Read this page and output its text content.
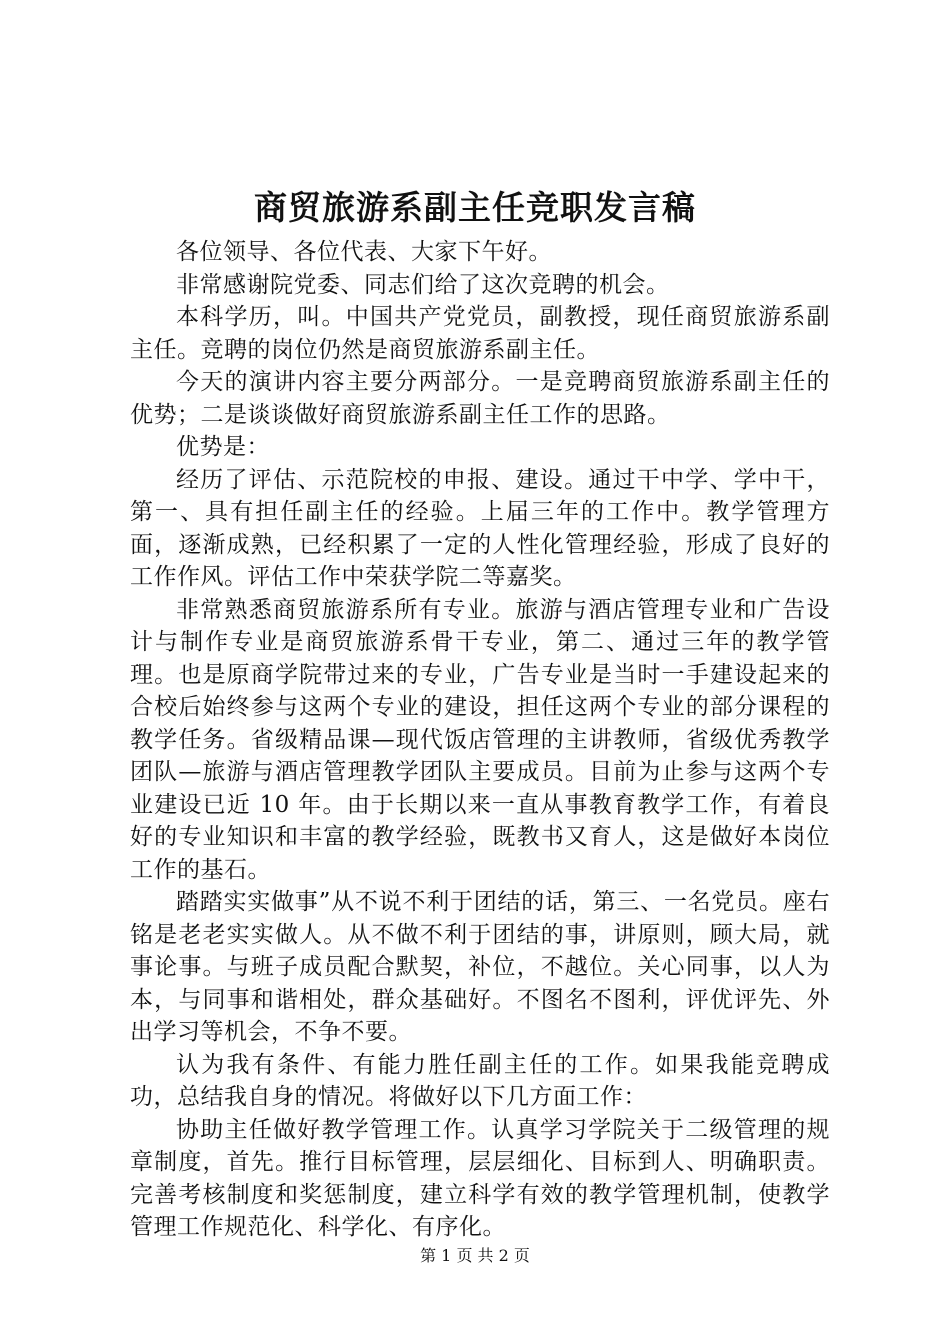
商贸旅游系副主任竞职发言稿

各位领导、各位代表、大家下午好。

非常感谢院党委、同志们给了这次竞聘的机会。

本科学历，叫。中国共产党党员，副教授，现任商贸旅游系副主任。竞聘的岗位仍然是商贸旅游系副主任。

今天的演讲内容主要分两部分。一是竞聘商贸旅游系副主任的优势；二是谈谈做好商贸旅游系副主任工作的思路。

优势是：

经历了评估、示范院校的申报、建设。通过干中学、学中干，第一、具有担任副主任的经验。上届三年的工作中。教学管理方面，逐渐成熟，已经积累了一定的人性化管理经验，形成了良好的工作作风。评估工作中荣获学院二等嘉奖。

非常熟悉商贸旅游系所有专业。旅游与酒店管理专业和广告设计与制作专业是商贸旅游系骨干专业，第二、通过三年的教学管理。也是原商学院带过来的专业，广告专业是当时一手建设起来的合校后始终参与这两个专业的建设，担任这两个专业的部分课程的教学任务。省级精品课—现代饭店管理的主讲教师，省级优秀教学团队—旅游与酒店管理教学团队主要成员。目前为止参与这两个专业建设已近 10 年。由于长期以来一直从事教育教学工作，有着良好的专业知识和丰富的教学经验，既教书又育人，这是做好本岗位工作的基石。

踏踏实实做事”从不说不利于团结的话，第三、一名党员。座右铭是老老实实做人。从不做不利于团结的事，讲原则，顾大局，就事论事。与班子成员配合默契，补位，不越位。关心同事，以人为本，与同事和谐相处，群众基础好。不图名不图利，评优评先、外出学习等机会，不争不要。

认为我有条件、有能力胜任副主任的工作。如果我能竞聘成功，总结我自身的情况。将做好以下几方面工作：

协助主任做好教学管理工作。认真学习学院关于二级管理的规章制度，首先。推行目标管理，层层细化、目标到人、明确职责。完善考核制度和奖惩制度，建立科学有效的教学管理机制，使教学管理工作规范化、科学化、有序化。

第 1 页 共 2 页
